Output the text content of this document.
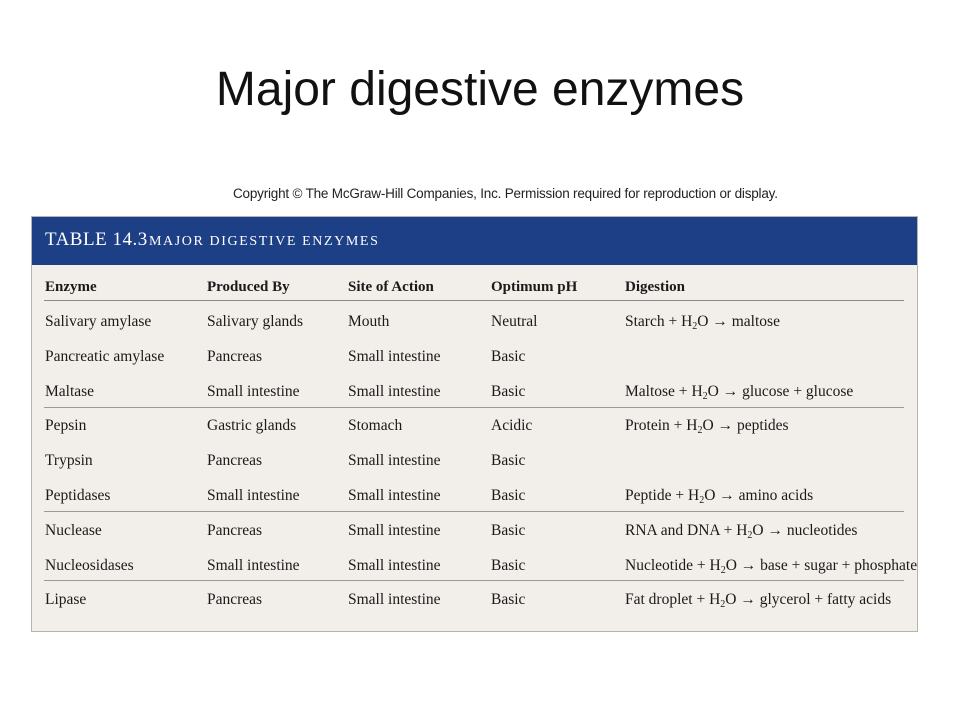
Major digestive enzymes
Copyright © The McGraw-Hill Companies, Inc. Permission required for reproduction or display.
TABLE 14.3 MAJOR DIGESTIVE ENZYMES
Enzyme	Produced By	Site of Action	Optimum pH	Digestion
Salivary amylase	Salivary glands	Mouth	Neutral	Starch + $H_2O$ → maltose
Pancreatic amylase	Pancreas	Small intestine	Basic
Maltase	Small intestine	Small intestine	Basic	Maltose + $H_2O \to glucose + glucose$
Pepsin	Gastric glands	Stomach	Acidic	Protein + $H_2O$ → peptides
Trypsin	Pancreas	Small intestine	Basic
Peptidases	Small intestine	Small intestine	Basic	Peptide + $H_2O \to amino$ acids
Nuclease	Pancreas	Small intestine	Basic	RNA and DNA + $H_2O$ → nucleotides
Nucleosidases	Small intestine	Small intestine	Basic	Nucleotide + $H_2O$ → base + sugar + phosphate
Lipase	Pancreas	Small intestine	Basic	Fat droplet + $H_2O$ → glycerol + fatty acids
